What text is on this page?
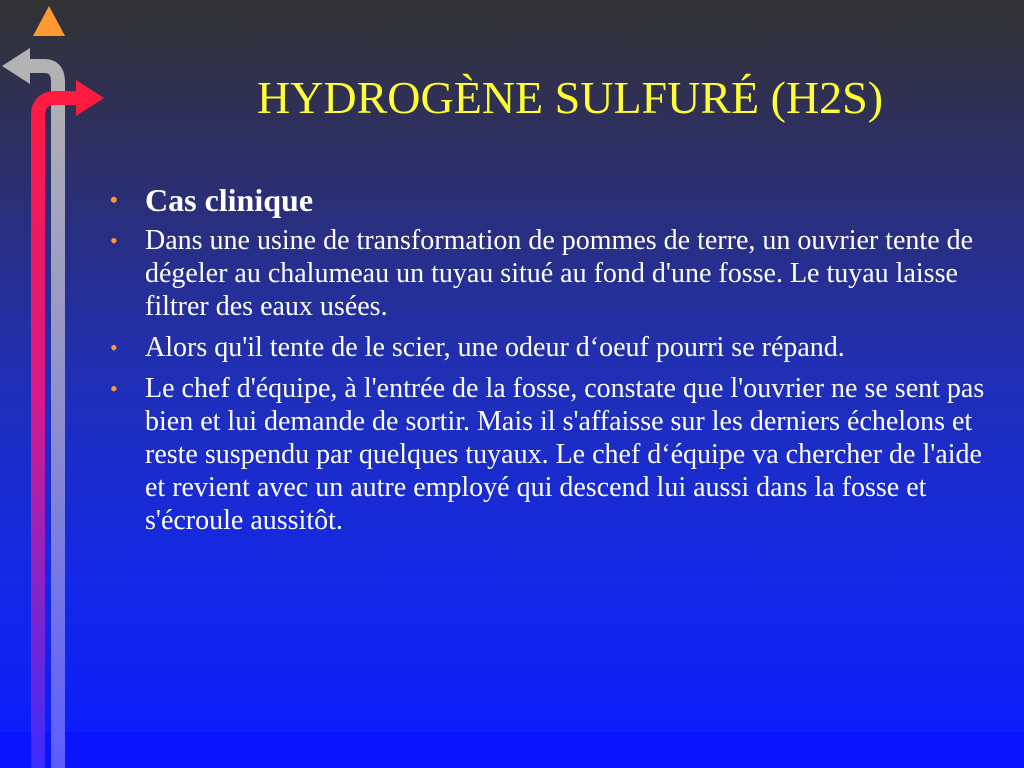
HYDROGÈNE SULFURÉ (H2S)
• Cas clinique
• Dans une usine de transformation de pommes de terre, un ouvrier tente de dégeler au chalumeau un tuyau situé au fond d'une fosse. Le tuyau laisse filtrer des eaux usées.
• Alors qu'il tente de le scier, une odeur d‘oeuf pourri se répand.
• Le chef d'équipe, à l'entrée de la fosse, constate que l'ouvrier ne se sent pas bien et lui demande de sortir. Mais il s'affaisse sur les derniers échelons et reste suspendu par quelques tuyaux. Le chef d‘équipe va chercher de l'aide et revient avec un autre employé qui descend lui aussi dans la fosse et s'écroule aussitôt.
